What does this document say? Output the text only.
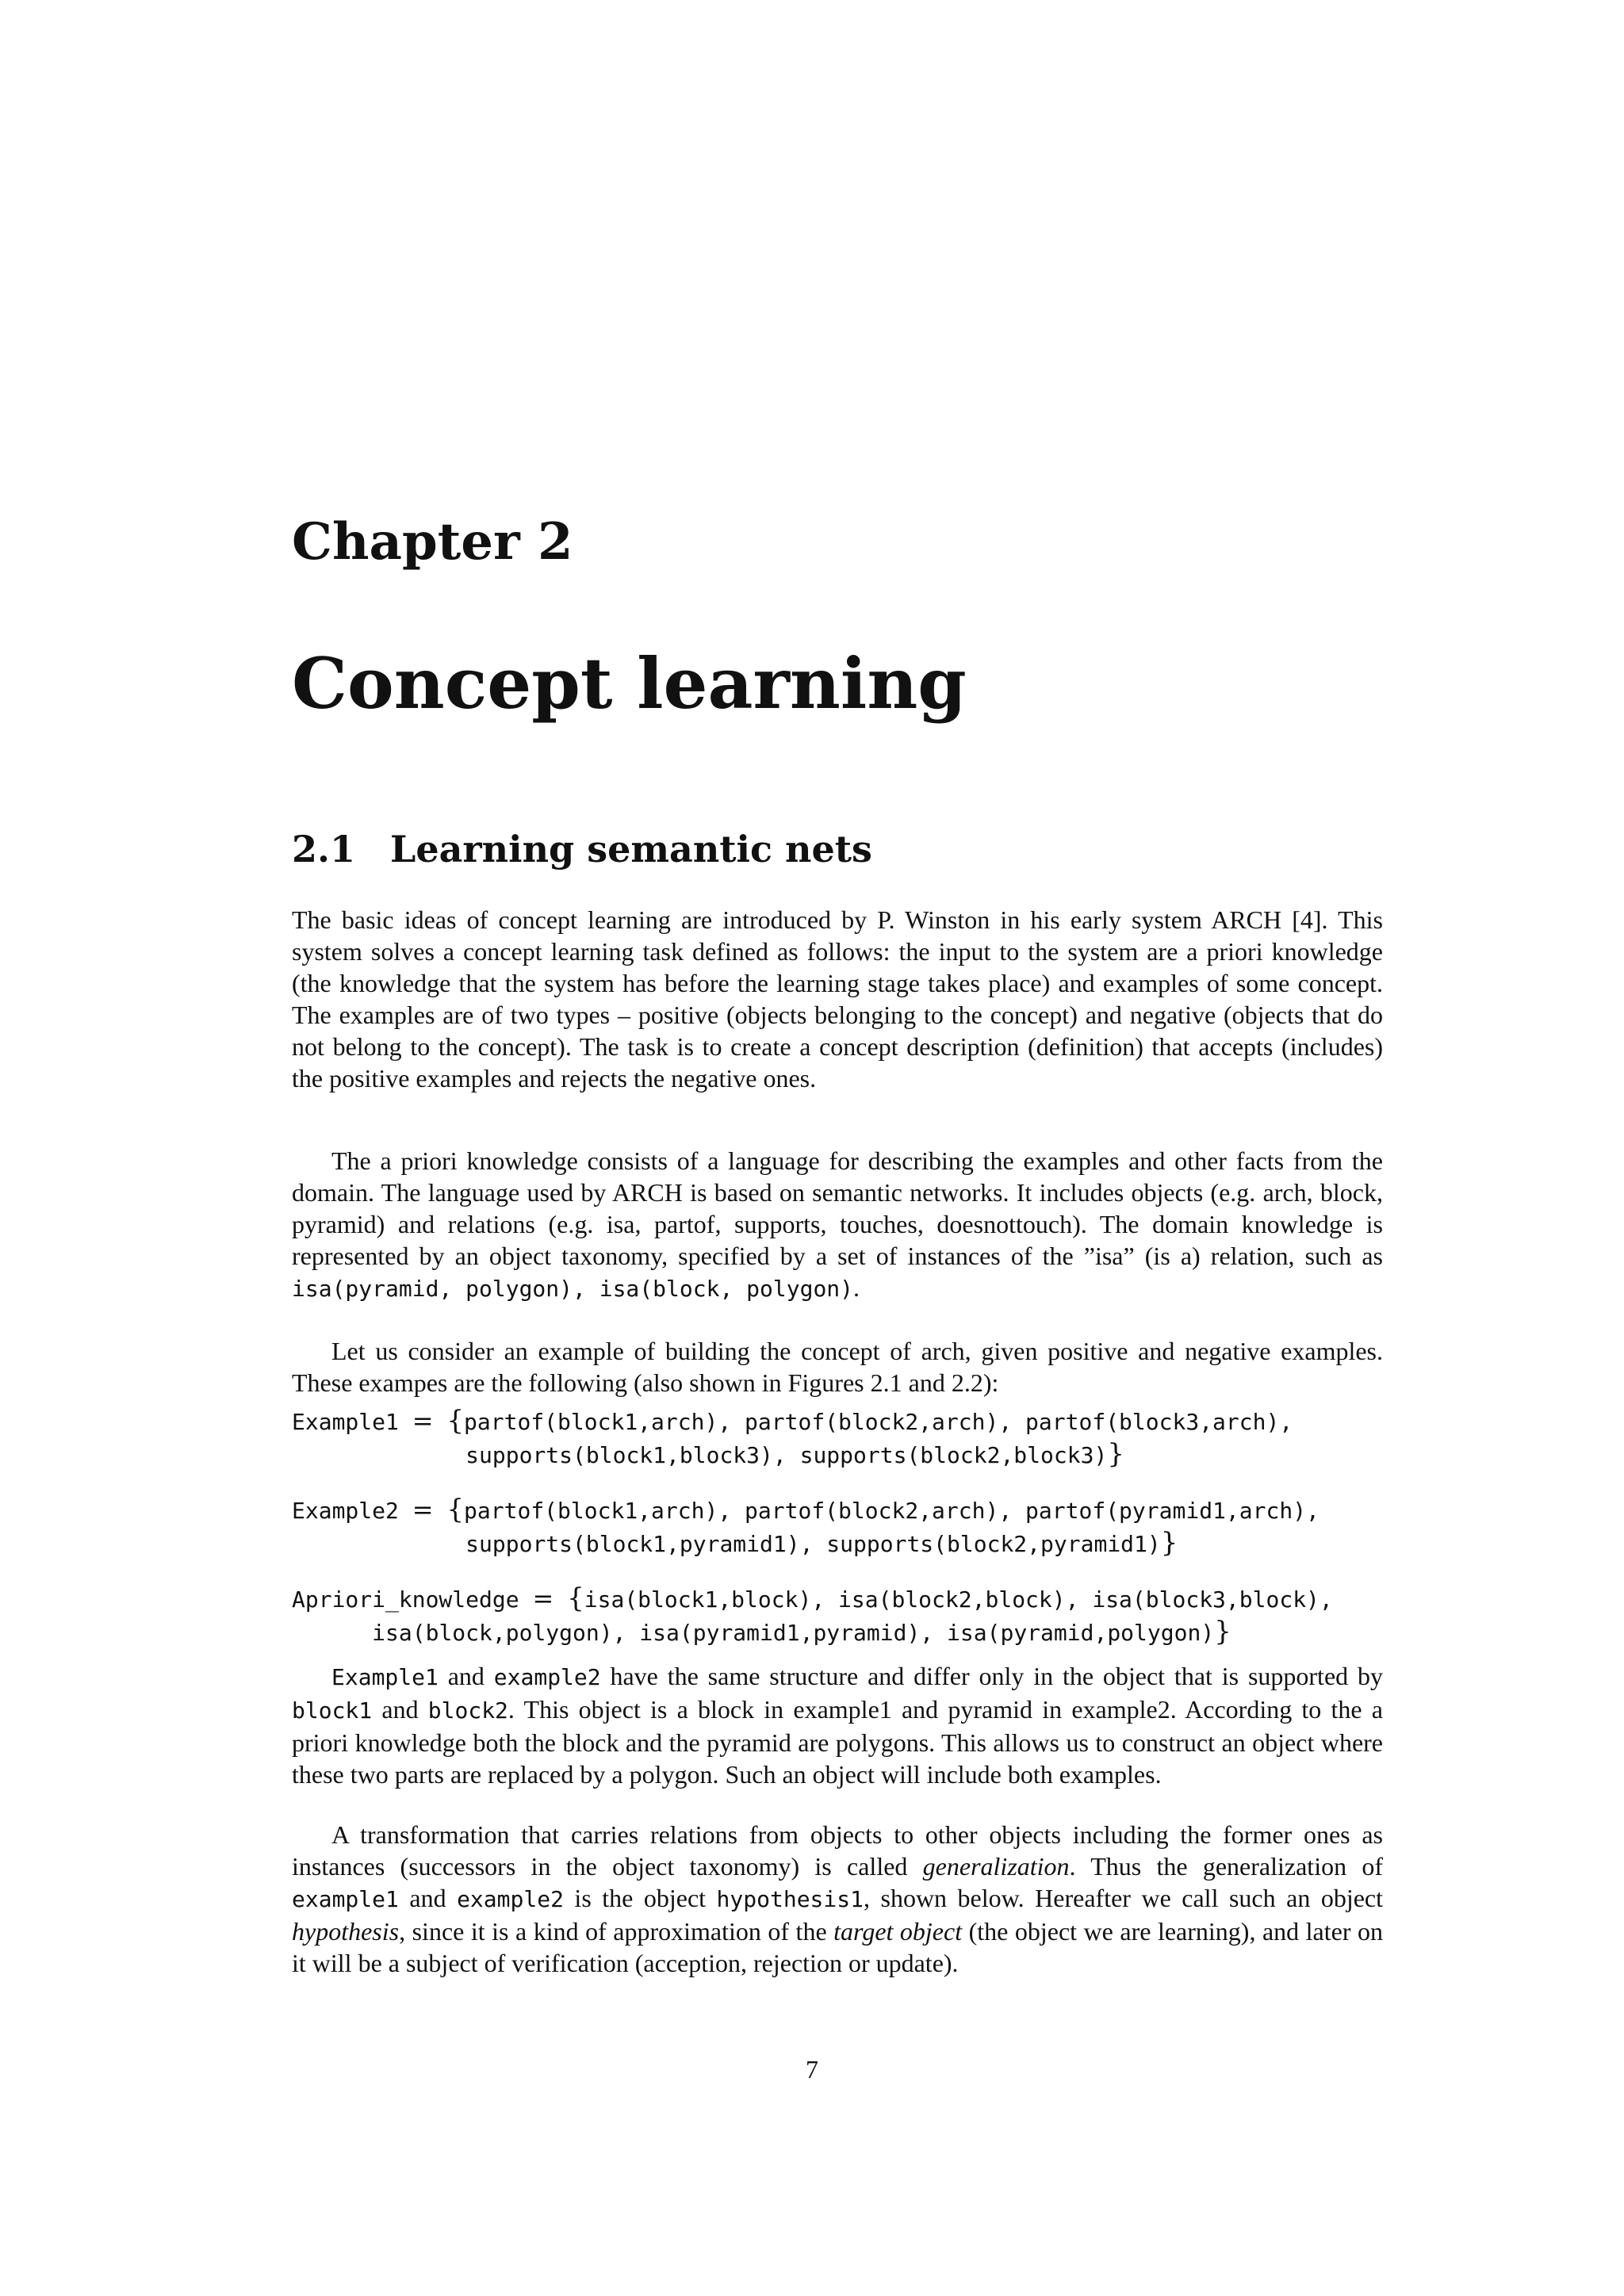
Chapter 2
Concept learning
2.1 Learning semantic nets

The basic ideas of concept learning are introduced by P. Winston in his early system ARCH [4]. This system solves a concept learning task defined as follows: the input to the system are a priori knowledge (the knowledge that the system has before the learning stage takes place) and examples of some concept. The examples are of two types – positive (objects belonging to the concept) and negative (objects that do not belong to the concept). The task is to create a concept description (definition) that accepts (includes) the positive examples and rejects the negative ones.

The a priori knowledge consists of a language for describing the examples and other facts from the domain. The language used by ARCH is based on semantic networks. It includes objects (e.g. arch, block, pyramid) and relations (e.g. isa, partof, supports, touches, doesnottouch). The domain knowledge is represented by an object taxonomy, specified by a set of instances of the ”isa” (is a) relation, such as isa(pyramid, polygon), isa(block, polygon).

Let us consider an example of building the concept of arch, given positive and negative examples. These exampes are the following (also shown in Figures 2.1 and 2.2):

Example1 = {partof(block1,arch), partof(block2,arch), partof(block3,arch),
supports(block1,block3), supports(block2,block3)}
Example2 = {partof(block1,arch), partof(block2,arch), partof(pyramid1,arch),
supports(block1,pyramid1), supports(block2,pyramid1)}
Apriori_knowledge = {isa(block1,block), isa(block2,block), isa(block3,block),
isa(block,polygon), isa(pyramid1,pyramid), isa(pyramid,polygon)}

Example1 and example2 have the same structure and differ only in the object that is supported by block1 and block2. This object is a block in example1 and pyramid in example2. According to the a priori knowledge both the block and the pyramid are polygons. This allows us to construct an object where these two parts are replaced by a polygon. Such an object will include both examples.

A transformation that carries relations from objects to other objects including the former ones as instances (successors in the object taxonomy) is called generalization. Thus the generalization of example1 and example2 is the object hypothesis1, shown below. Hereafter we call such an object hypothesis, since it is a kind of approximation of the target object (the object we are learning), and later on it will be a subject of verification (acception, rejection or update).

7
